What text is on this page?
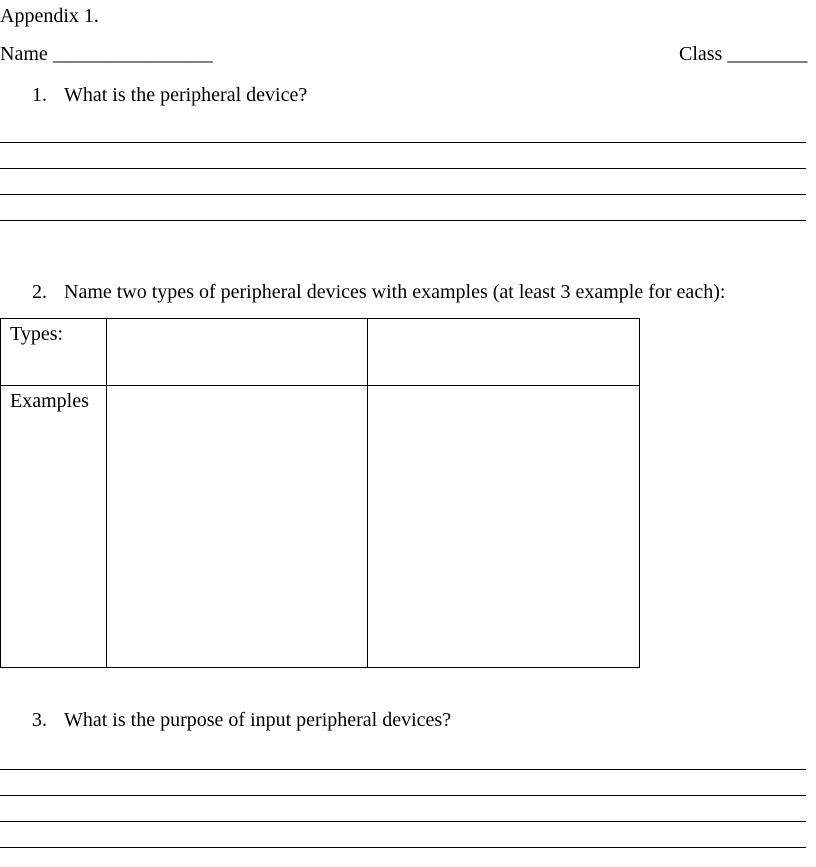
Appendix 1.
Name ________________	Class ________
1. What is the peripheral device?
2. Name two types of peripheral devices with examples (at least 3 example for each):
Types:		
Examples		
3. What is the purpose of input peripheral devices?
